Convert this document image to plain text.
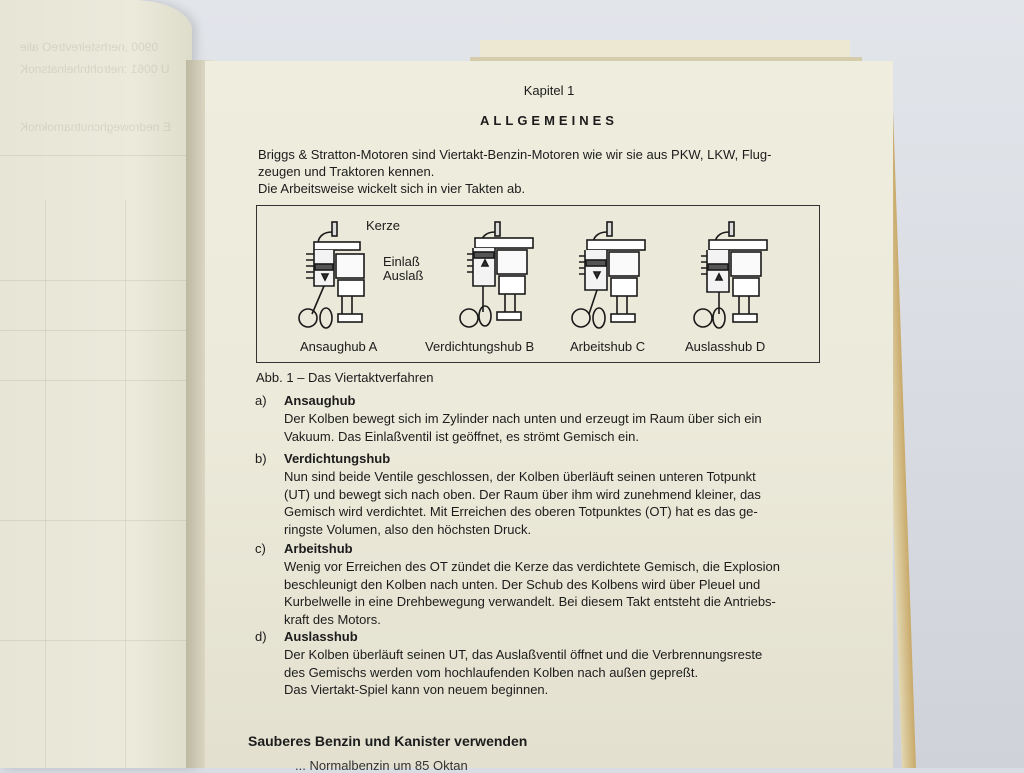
0900 ,nerhstelrevtreO alie
U 0061 :netrohtnhelnatsnoK
E nedroweghcnutnamoknoK
Kapitel 1
ALLGEMEINES
Briggs & Stratton-Motoren sind Viertakt-Benzin-Motoren wie wir sie aus PKW, LKW, Flug-
zeugen und Traktoren kennen.
Die Arbeitsweise wickelt sich in vier Takten ab.
Kerze
Einlaß
Auslaß
Ansaughub A	Verdichtungshub B	Arbeitshub C	Auslasshub D
Abb. 1 – Das Viertaktverfahren
a) Ansaughub
Der Kolben bewegt sich im Zylinder nach unten und erzeugt im Raum über sich ein
Vakuum. Das Einlaßventil ist geöffnet, es strömt Gemisch ein.
b) Verdichtungshub
Nun sind beide Ventile geschlossen, der Kolben überläuft seinen unteren Totpunkt
(UT) und bewegt sich nach oben. Der Raum über ihm wird zunehmend kleiner, das
Gemisch wird verdichtet. Mit Erreichen des oberen Totpunktes (OT) hat es das ge-
ringste Volumen, also den höchsten Druck.
c) Arbeitshub
Wenig vor Erreichen des OT zündet die Kerze das verdichtete Gemisch, die Explosion
beschleunigt den Kolben nach unten. Der Schub des Kolbens wird über Pleuel und
Kurbelwelle in eine Drehbewegung verwandelt. Bei diesem Takt entsteht die Antriebs-
kraft des Motors.
d) Auslasshub
Der Kolben überläuft seinen UT, das Auslaßventil öffnet und die Verbrennungsreste
des Gemischs werden vom hochlaufenden Kolben nach außen gepreßt.
Das Viertakt-Spiel kann von neuem beginnen.
Sauberes Benzin und Kanister verwenden
... Normalbenzin um 85 Oktan
